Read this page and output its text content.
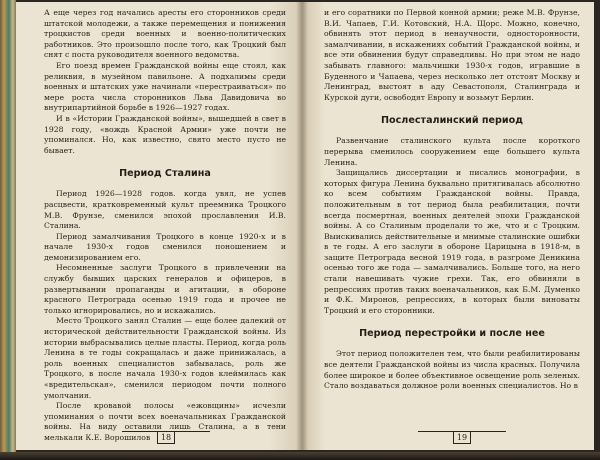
А еще через год начались аресты его сторонников среди штатской молодежи, а также перемещения и понижения троцкистов среди военных и военно-политических работников. Это произошло после того, как Троцкий был снят с поста руководителя военного ведомства.

Его поезд времен Гражданской войны еще стоял, как реликвия, в музейном павильоне. А подхалимы среди военных и штатских уже начинали «перестраиваться» по мере роста числа сторонников Льва Давидовича во внутрипартийной борьбе в 1926—1927 годах.

И в «Истории Гражданской войны», вышедшей в свет в 1928 году, «вождь Красной Армии» уже почти не упоминался. Но, как известно, свято место пусто не бывает.

Период Сталина

Период 1926—1928 годов. когда увял, не успев расцвести, кратковременный культ преемника Троцкого М.В. Фрунзе, сменился эпохой прославления И.В. Сталина.

Период замалчивания Троцкого в конце 1920-х и в начале 1930-х годов сменился поношением и демонизированием его.

Несомненные заслуги Троцкого в привлечении на службу бывших царских генералов и офицеров, в развертывании пропаганды и агитации, в обороне красного Петрограда осенью 1919 года и прочее не только игнорировались, но и искажались.

Место Троцкого занял Сталин — еще более далекий от исторической действительности Гражданской войны. Из истории выбрасывались целые пласты. Период, когда роль Ленина в те годы сокращалась и даже принижалась, а роль военных специалистов забывалась, роль же Троцкого, в после начала 1930-х годов клеймилась как «вредительская», сменился периодом почти полного умолчания.

После кровавой полосы «ежовщины» исчезли упоминания о почти всех военачальниках Гражданской войны. На виду оставили лишь Сталина, а в тени мелькали К.Е. Ворошилов	18

и его соратники по Первой конной армии; реже М.В. Фрунзе, В.И. Чапаев, Г.И. Котовский, Н.А. Щорс. Можно, конечно, обвинять этот период в ненаучности, односторонности, замалчивании, в искажениях событий Гражданской войны, и все эти обвинения будут справедливы. Но при этом не надо забывать главного: мальчишки 1930-х годов, игравшие в Буденного и Чапаева, через несколько лет отстоят Москву и Ленинград, выстоят в аду Севастополя, Сталинграда и Курской дуги, освободят Европу и возьмут Берлин.

Послесталинский период

Развенчание сталинского культа после короткого перерыва сменилось сооружением еще большего культа Ленина.

Защищались диссертации и писались монографии, в которых фигура Ленина буквально притягивалась абсолютно ко всем событиям Гражданской войны. Правда, положительным в тот период была реабилитация, почти всегда посмертная, военных деятелей эпохи Гражданской войны. А со Сталиным проделали то же, что и с Троцким. Выискивались действительные и мнимые сталинские ошибки в те годы. А его заслуги в обороне Царицына в 1918-м, в защите Петрограда весной 1919 года, в разгроме Деникина осенью того же года — замалчивались. Больше того, на него стали навешивать чужие грехи. Так, его обвиняли в репрессиях против таких военачальников, как Б.М. Думенко и Ф.К. Миронов, репрессиях, в которых были виноваты Троцкий и его сторонники.

Период перестройки и после нее

Этот период положителен тем, что были реабилитированы все деятели Гражданской войны из числа красных. Получила более широкое и более объективное освещение роль зеленых. Стало воздаваться должное роли военных специалистов. Но в

19
